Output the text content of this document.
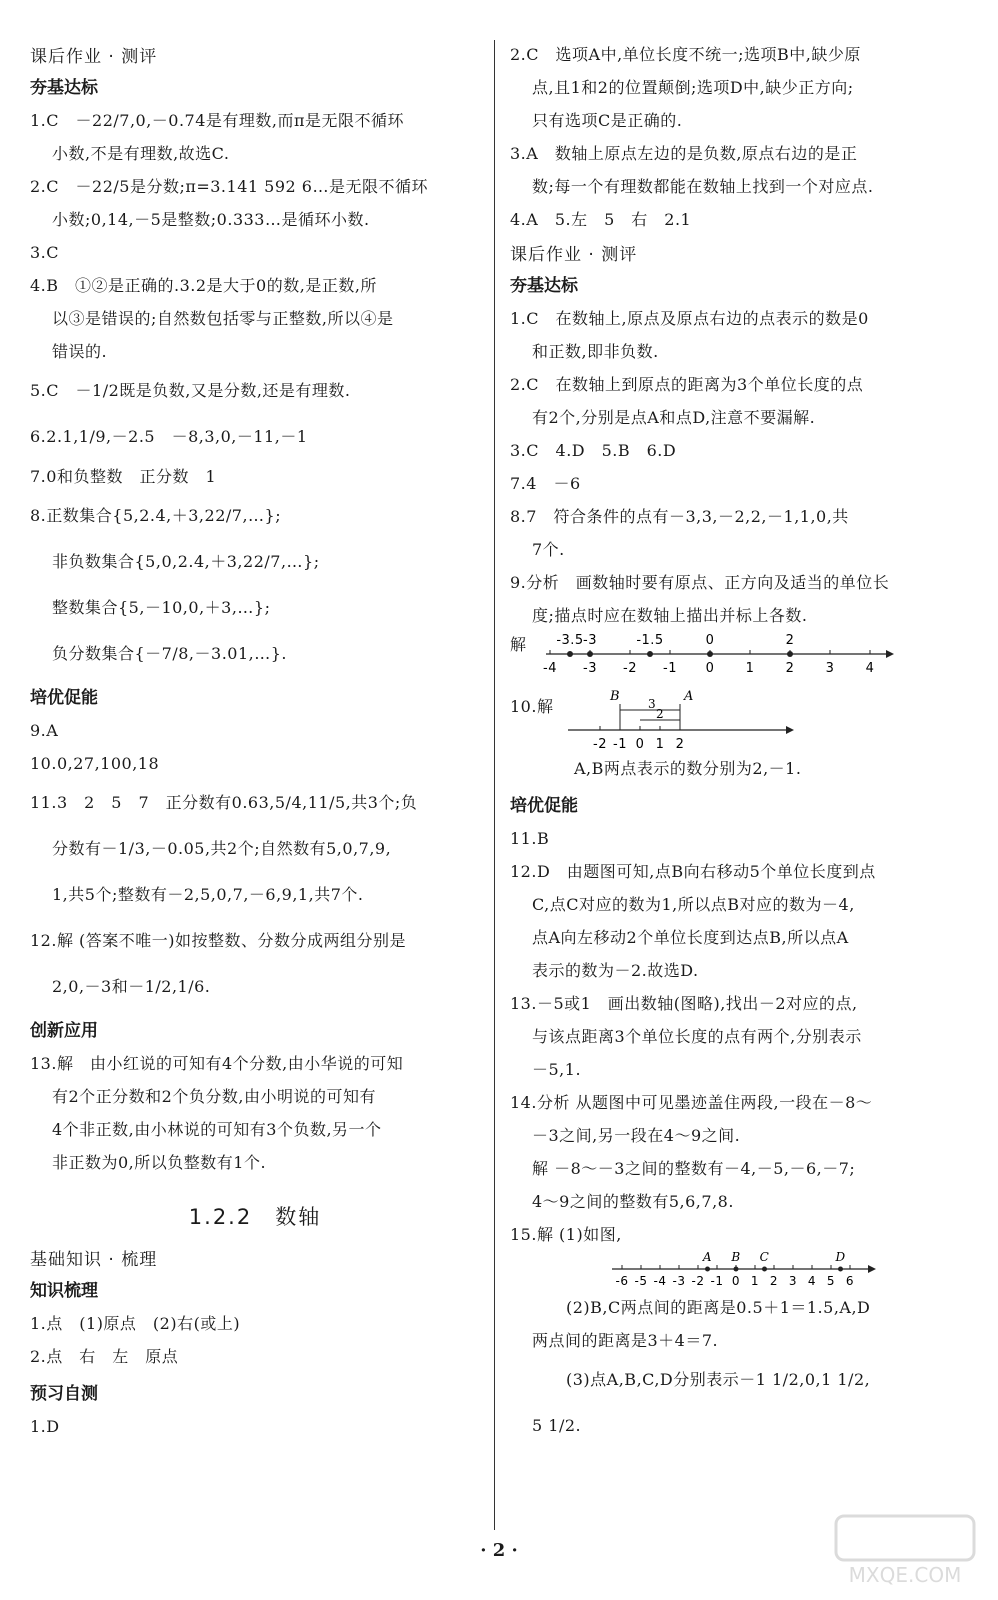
课后作业 · 测评
夯基达标
1.C　－22/7,0,－0.74是有理数,而π是无限不循环
小数,不是有理数,故选C.
2.C　－22/5是分数;π=3.141 592 6…是无限不循环
小数;0,14,－5是整数;0.333…是循环小数.
3.C
4.B　①②是正确的.3.2是大于0的数,是正数,所
以③是错误的;自然数包括零与正整数,所以④是
错误的.
5.C　－1/2既是负数,又是分数,还是有理数.
6.2.1,1/9,－2.5　－8,3,0,－11,－1
7.0和负整数　正分数　1
8.正数集合{5,2.4,＋3,22/7,…};
非负数集合{5,0,2.4,＋3,22/7,…};
整数集合{5,－10,0,＋3,…};
负分数集合{－7/8,－3.01,…}.
培优促能
9.A
10.0,27,100,18
11.3　2　5　7　正分数有0.63,5/4,11/5,共3个;负
分数有－1/3,－0.05,共2个;自然数有5,0,7,9,
1,共5个;整数有－2,5,0,7,－6,9,1,共7个.
12.解 (答案不唯一)如按整数、分数分成两组分别是
2,0,－3和－1/2,1/6.
创新应用
13.解　由小红说的可知有4个分数,由小华说的可知
有2个正分数和2个负分数,由小明说的可知有
4个非正数,由小林说的可知有3个负数,另一个
非正数为0,所以负整数有1个.
1.2.2　数轴
基础知识 · 梳理
知识梳理
1.点　(1)原点　(2)右(或上)
2.点　右　左　原点
预习自测
1.D
2.C　选项A中,单位长度不统一;选项B中,缺少原
点,且1和2的位置颠倒;选项D中,缺少正方向;
只有选项C是正确的.
3.A　数轴上原点左边的是负数,原点右边的是正
数;每一个有理数都能在数轴上找到一个对应点.
4.A　5.左　5　右　2.1
课后作业 · 测评
夯基达标
1.C　在数轴上,原点及原点右边的点表示的数是0
和正数,即非负数.
2.C　在数轴上到原点的距离为3个单位长度的点
有2个,分别是点A和点D,注意不要漏解.
3.C　4.D　5.B　6.D
7.4　－6
8.7　符合条件的点有－3,3,－2,2,－1,1,0,共
7个.
9.分析　画数轴时要有原点、正方向及适当的单位长
度;描点时应在数轴上描出并标上各数.
解
-4 -3 -2 -1 0 1 2 3 4
-3.5 -3	-1.5	0	2
10.解
-2 -1 0 1 2
B	A
3
2
A,B两点表示的数分别为2,－1.
培优促能
11.B
12.D　由题图可知,点B向右移动5个单位长度到点
C,点C对应的数为1,所以点B对应的数为－4,
点A向左移动2个单位长度到达点B,所以点A
表示的数为－2.故选D.
13.－5或1　画出数轴(图略),找出－2对应的点,
与该点距离3个单位长度的点有两个,分别表示
－5,1.
14.分析 从题图中可见墨迹盖住两段,一段在－8～
－3之间,另一段在4～9之间.
解 －8～－3之间的整数有－4,－5,－6,－7;
4～9之间的整数有5,6,7,8.
15.解 (1)如图,
-6 -5 -4 -3 -2 -1 0 1 2 3 4 5 6
A B C	D
(2)B,C两点间的距离是0.5＋1＝1.5,A,D
两点间的距离是3＋4＝7.
(3)点A,B,C,D分别表示－1 1/2,0,1 1/2,
5 1/2.
· 2 ·
MXQE.COM
